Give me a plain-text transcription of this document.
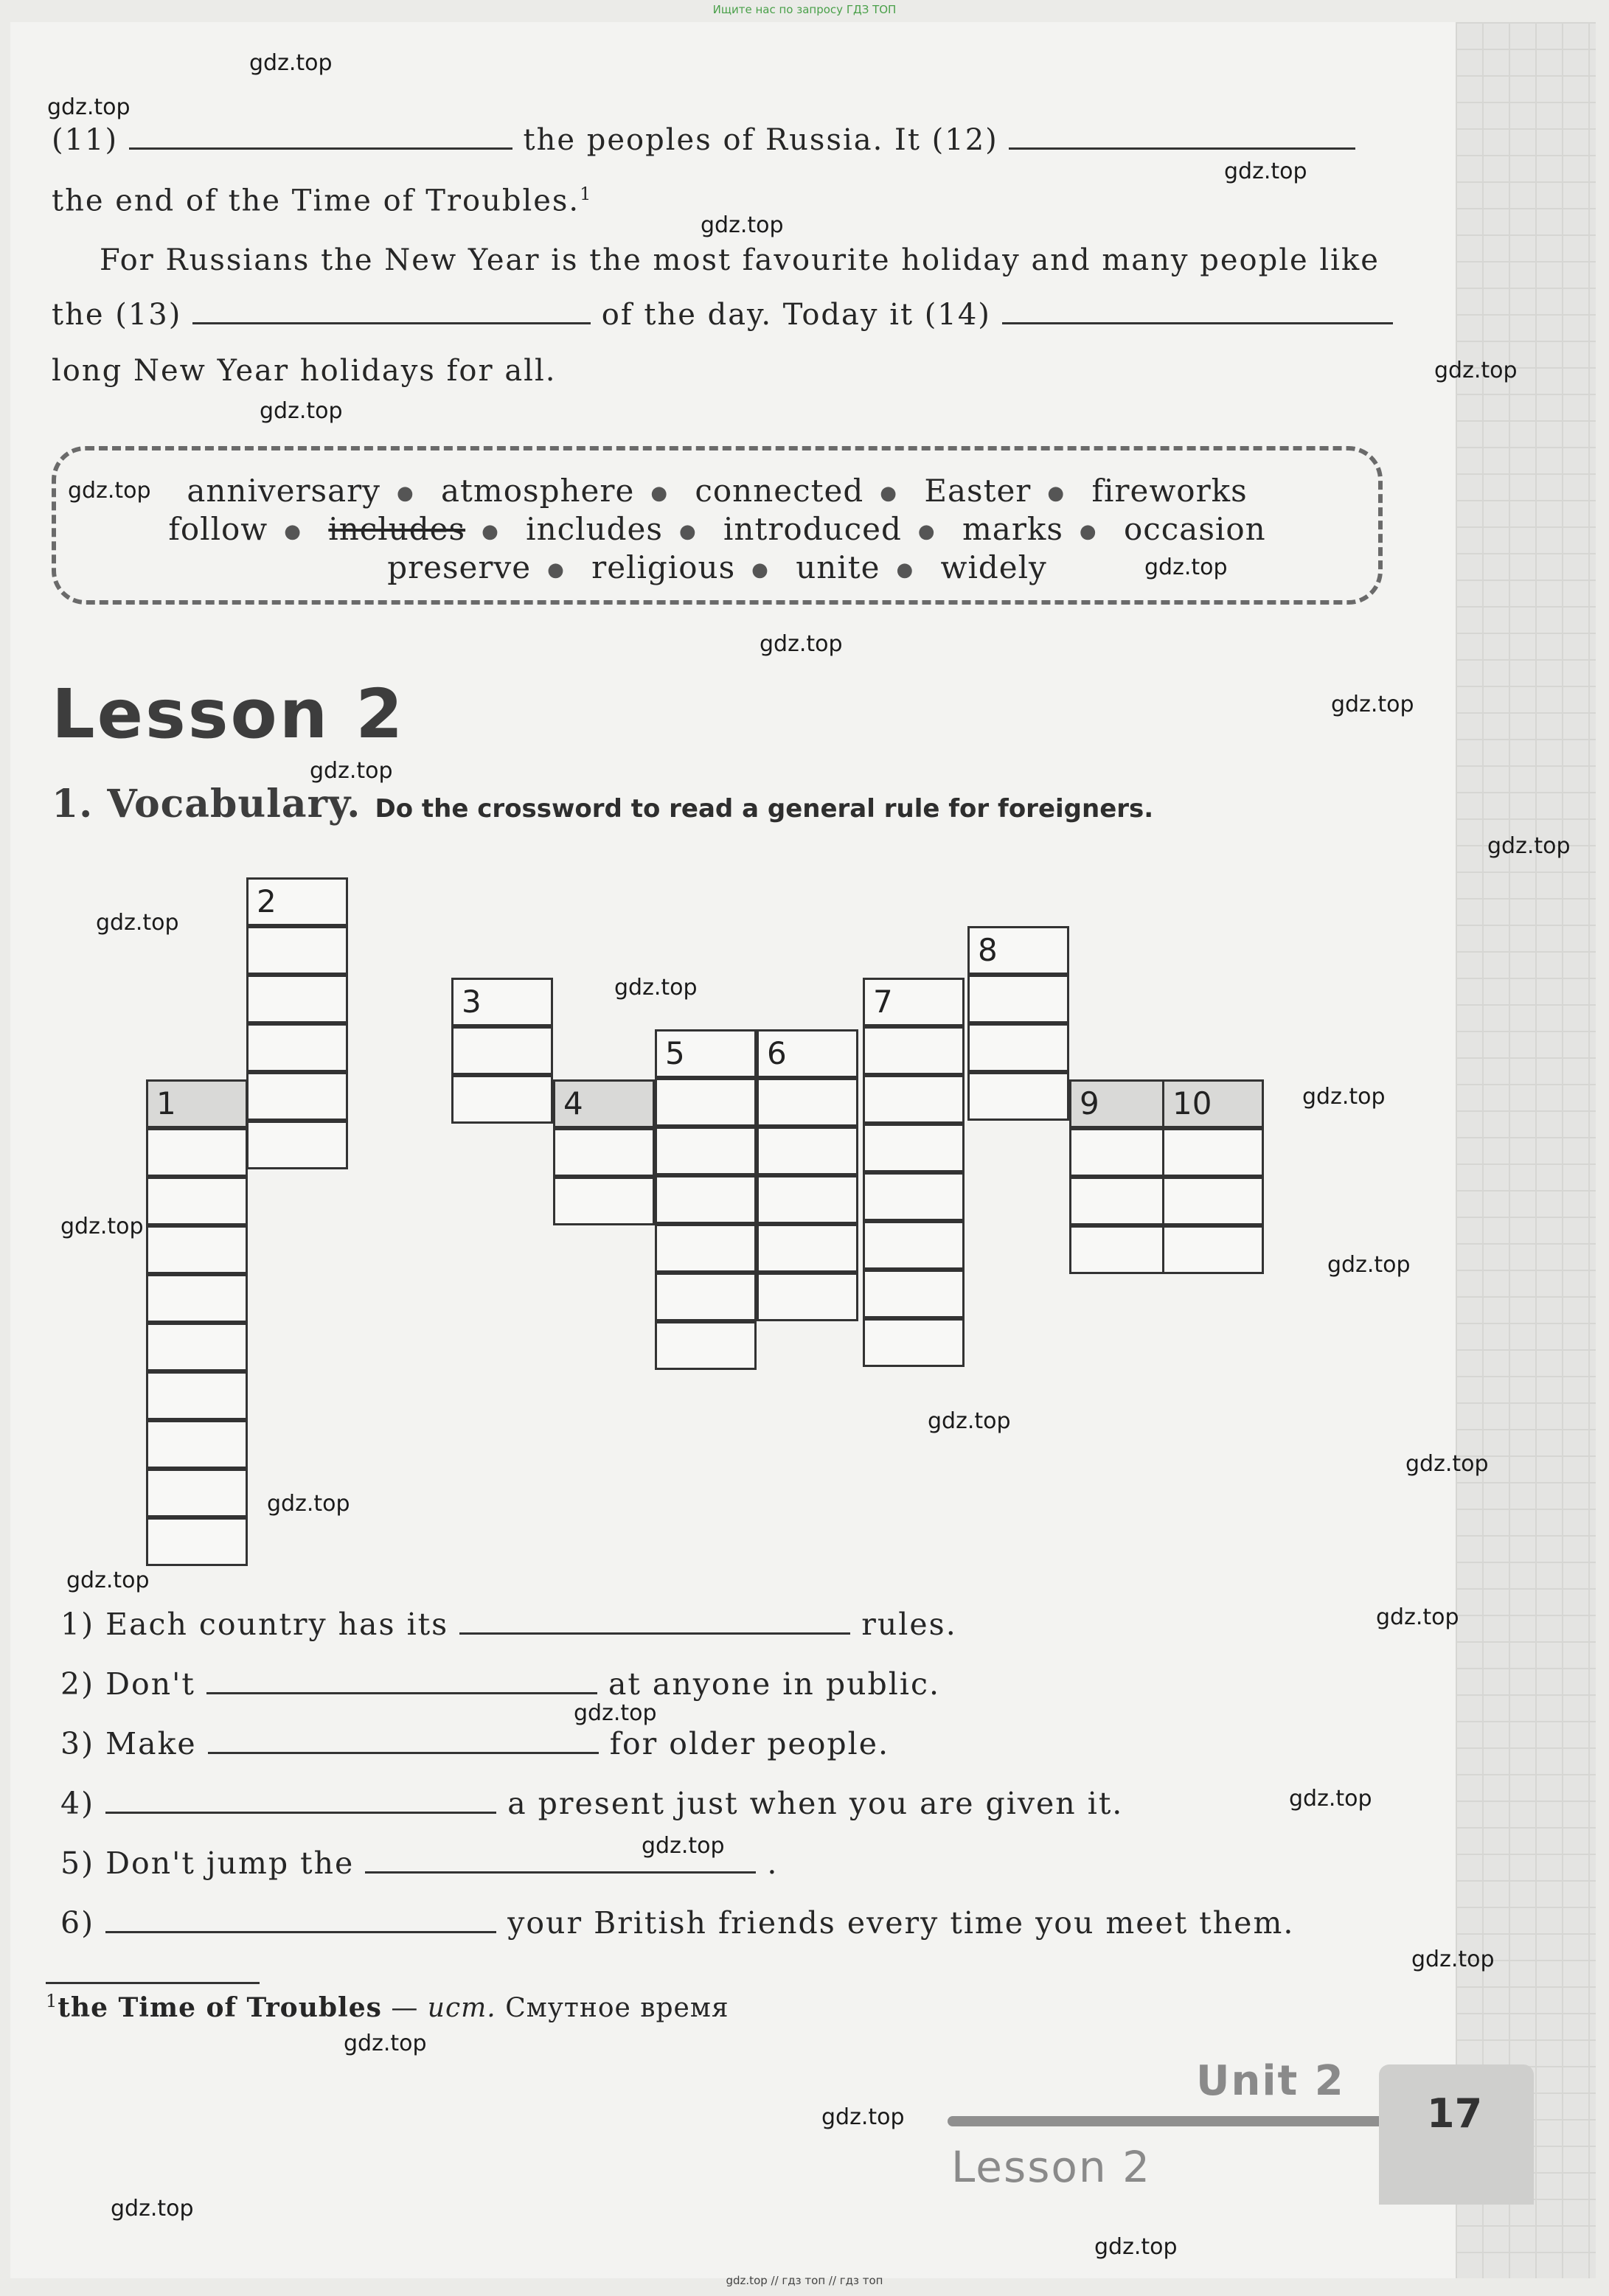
Ищите нас по запросу ГДЗ ТОП
(11)	the peoples of Russia. It (12)
the end of the Time of Troubles.$^1$
For Russians the New Year is the most favourite holiday and many people like
the (13)	of the day. Today it (14)
long New Year holidays for all.
anniversary ● atmosphere ● connected ● Easter ● fireworks
follow ● includes ● includes ● introduced ● marks ● occasion
preserve ● religious ● unite ● widely
Lesson 2
1. Vocabulary. Do the crossword to read a general rule for foreigners.
1
2
3
4
5	6
7
8
9 10
1) Each country has its	rules.
2) Don't	at anyone in public.
3) Make	for older people.
4)	a present just when you are given it.
5) Don't jump the	.
6)	your British friends every time you meet them.
$^1$the Time of Troubles — ист. Смутное время
Unit 2
Lesson 2
17
gdz.top
gdz.top
gdz.top
gdz.top
gdz.top
gdz.top
gdz.top
gdz.top
gdz.top
gdz.top
gdz.top
gdz.top
gdz.top
gdz.top
gdz.top
gdz.top
gdz.top
gdz.top
gdz.top
gdz.top
gdz.top
gdz.top
gdz.top
gdz.top
gdz.top
gdz.top
gdz.top
gdz.top
gdz.top
gdz.top
gdz.top // гдз топ // гдз топ
